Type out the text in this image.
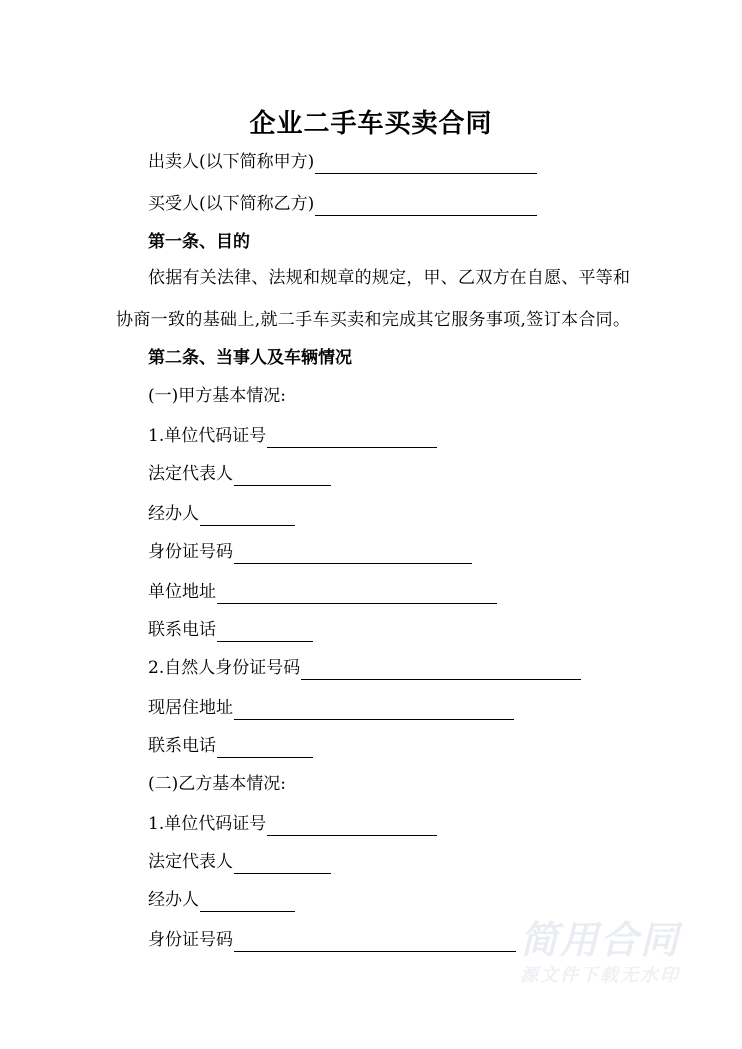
企业二手车买卖合同
出卖人(以下简称甲方)
买受人(以下简称乙方)
第一条、目的
依据有关法律、法规和规章的规定，甲、乙双方在自愿、平等和
协商一致的基础上,就二手车买卖和完成其它服务事项,签订本合同。
第二条、当事人及车辆情况
(一)甲方基本情况:
1.单位代码证号
法定代表人
经办人
身份证号码
单位地址
联系电话
2.自然人身份证号码
现居住地址
联系电话
(二)乙方基本情况:
1.单位代码证号
法定代表人
经办人
身份证号码	简用合同
源文件下载无水印
